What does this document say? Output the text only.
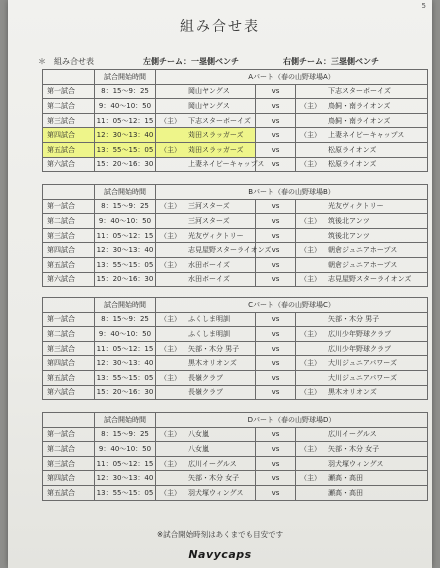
5
組み合せ表
＊　組み合せ表	左側チーム：一塁側ベンチ	右側チーム：三塁側ベンチ
	試合開始時間	Aパート（春の山野球場A）		
第一試合	8：15～9：25	岡山ヤングス	vs	下志スターボーイズ
第二試合	9：40～10：50	岡山ヤングス	vs	（主） 鳥飼・南ライオンズ
第三試合	11：05～12：15	（主） 下志スターボーイズ	vs	鳥飼・南ライオンズ
第四試合	12：30～13：40	苅田スラッガーズ	vs	（主） 上妻ネイビーキャップス
第五試合	13：55～15：05	（主） 苅田スラッガーズ	vs	松原ライオンズ
第六試合	15：20～16：30	上妻ネイビーキャップス	vs	（主） 松原ライオンズ
	試合開始時間	Bパート（春の山野球場B）		
第一試合	8：15～9：25	（主） 三河スターズ	vs	光友ヴィクトリー
第二試合	9：40～10：50	三河スターズ	vs	（主） 筑後北アンツ
第三試合	11：05～12：15	（主） 光友ヴィクトリー	vs	筑後北アンツ
第四試合	12：30～13：40	志見屋野スターライオンズ	vs	（主） 朝倉ジュニアホープス
第五試合	13：55～15：05	（主） 水田ボーイズ	vs	朝倉ジュニアホープス
第六試合	15：20～16：30	水田ボーイズ	vs	（主） 志見屋野スターライオンズ
	試合開始時間	Cパート（春の山野球場C）		
第一試合	8：15～9：25	（主） ふくしま明訓	vs	矢部・木分 男子
第二試合	9：40～10：50	ふくしま明訓	vs	（主） 広川少年野球クラブ
第三試合	11：05～12：15	（主） 矢部・木分 男子	vs	広川少年野球クラブ
第四試合	12：30～13：40	黒木オリオンズ	vs	（主） 大川ジュニアパワーズ
第五試合	13：55～15：05	（主） 長嶺クラブ	vs	大川ジュニアパワーズ
第六試合	15：20～16：30	長嶺クラブ	vs	（主） 黒木オリオンズ
	試合開始時間	Dパート（春の山野球場D）		
第一試合	8：15～9：25	（主） 八女嵐	vs	広川イーグルス
第二試合	9：40～10：50	八女嵐	vs	（主） 矢部・木分 女子
第三試合	11：05～12：15	（主） 広川イーグルス	vs	羽犬塚ウィングス
第四試合	12：30～13：40	矢部・木分 女子	vs	（主） 瀬高・高田
第五試合	13：55～15：05	（主） 羽犬塚ウィングス	vs	瀬高・高田
※試合開始時刻はあくまでも目安です
Navycaps
